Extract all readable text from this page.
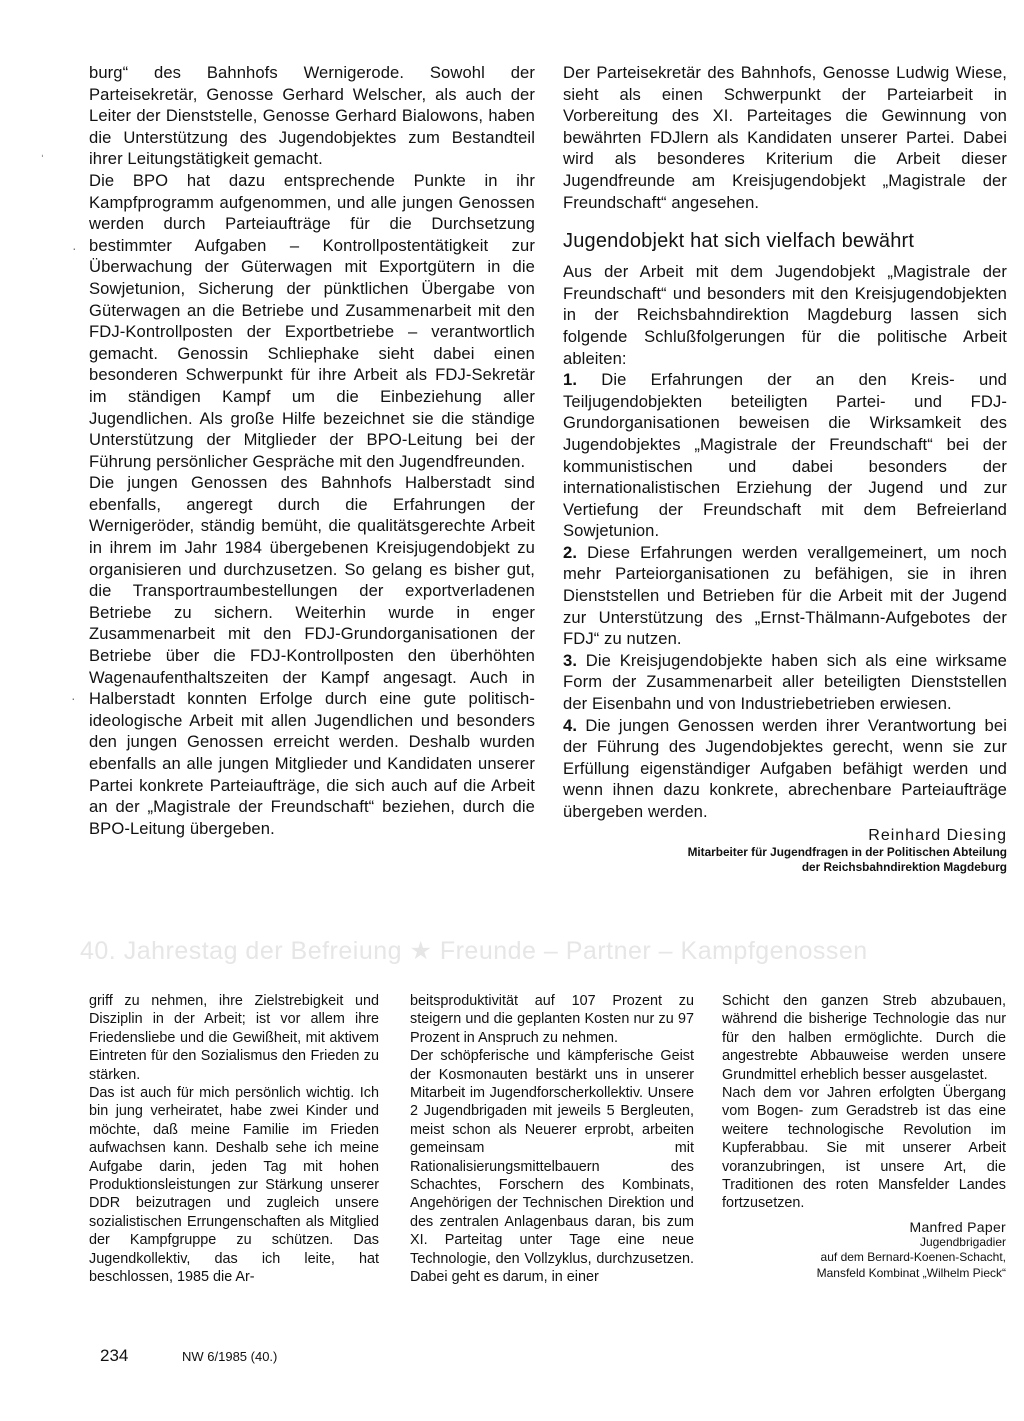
burg“ des Bahnhofs Wernigerode. Sowohl der Parteisekretär, Genosse Gerhard Welscher, als auch der Leiter der Dienststelle, Genosse Gerhard Bialowons, haben die Unterstützung des Jugendobjektes zum Bestandteil ihrer Leitungstätigkeit gemacht.

Die BPO hat dazu entsprechende Punkte in ihr Kampfprogramm aufgenommen, und alle jungen Genossen werden durch Parteiaufträge für die Durchsetzung bestimmter Aufgaben – Kontrollpostentätigkeit zur Überwachung der Güterwagen mit Exportgütern in die Sowjetunion, Sicherung der pünktlichen Übergabe von Güterwagen an die Betriebe und Zusammenarbeit mit den FDJ-Kontrollposten der Exportbetriebe – verantwortlich gemacht. Genossin Schliephake sieht dabei einen besonderen Schwerpunkt für ihre Arbeit als FDJ-Sekretär im ständigen Kampf um die Einbeziehung aller Jugendlichen. Als große Hilfe bezeichnet sie die ständige Unterstützung der Mitglieder der BPO-Leitung bei der Führung persönlicher Gespräche mit den Jugendfreunden.

Die jungen Genossen des Bahnhofs Halberstadt sind ebenfalls, angeregt durch die Erfahrungen der Wernigeröder, ständig bemüht, die qualitätsgerechte Arbeit in ihrem im Jahr 1984 übergebenen Kreisjugendobjekt zu organisieren und durchzusetzen. So gelang es bisher gut, die Transportraumbestellungen der exportverladenen Betriebe zu sichern. Weiterhin wurde in enger Zusammenarbeit mit den FDJ-Grundorganisationen der Betriebe über die FDJ-Kontrollposten den überhöhten Wagenaufenthaltszeiten der Kampf angesagt. Auch in Halberstadt konnten Erfolge durch eine gute politisch-ideologische Arbeit mit allen Jugendlichen und besonders den jungen Genossen erreicht werden. Deshalb wurden ebenfalls an alle jungen Mitglieder und Kandidaten unserer Partei konkrete Parteiaufträge, die sich auch auf die Arbeit an der „Magistrale der Freundschaft“ beziehen, durch die BPO-Leitung übergeben.

Der Parteisekretär des Bahnhofs, Genosse Ludwig Wiese, sieht als einen Schwerpunkt der Parteiarbeit in Vorbereitung des XI. Parteitages die Gewinnung von bewährten FDJlern als Kandidaten unserer Partei. Dabei wird als besonderes Kriterium die Arbeit dieser Jugendfreunde am Kreisjugendobjekt „Magistrale der Freundschaft“ angesehen.

Jugendobjekt hat sich vielfach bewährt

Aus der Arbeit mit dem Jugendobjekt „Magistrale der Freundschaft“ und besonders mit den Kreisjugendobjekten in der Reichsbahndirektion Magdeburg lassen sich folgende Schlußfolgerungen für die politische Arbeit ableiten:

1. Die Erfahrungen der an den Kreis- und Teiljugendobjekten beteiligten Partei- und FDJ-Grundorganisationen beweisen die Wirksamkeit des Jugendobjektes „Magistrale der Freundschaft“ bei der kommunistischen und dabei besonders der internationalistischen Erziehung der Jugend und zur Vertiefung der Freundschaft mit dem Befreierland Sowjetunion.

2. Diese Erfahrungen werden verallgemeinert, um noch mehr Parteiorganisationen zu befähigen, sie in ihren Dienststellen und Betrieben für die Arbeit mit der Jugend zur Unterstützung des „Ernst-Thälmann-Aufgebotes der FDJ“ zu nutzen.

3. Die Kreisjugendobjekte haben sich als eine wirksame Form der Zusammenarbeit aller beteiligten Dienststellen der Eisenbahn und von Industriebetrieben erwiesen.

4. Die jungen Genossen werden ihrer Verantwortung bei der Führung des Jugendobjektes gerecht, wenn sie zur Erfüllung eigenständiger Aufgaben befähigt werden und wenn ihnen dazu konkrete, abrechenbare Parteiaufträge übergeben werden.

Reinhard Diesing
Mitarbeiter für Jugendfragen in der Politischen Abteilung
der Reichsbahndirektion Magdeburg
40. Jahrestag der Befreiung ★ Freunde – Partner – Kampfgenossen

griff zu nehmen, ihre Zielstrebigkeit und Disziplin in der Arbeit; ist vor allem ihre Friedensliebe und die Gewißheit, mit aktivem Eintreten für den Sozialismus den Frieden zu stärken.

Das ist auch für mich persönlich wichtig. Ich bin jung verheiratet, habe zwei Kinder und möchte, daß meine Familie im Frieden aufwachsen kann. Deshalb sehe ich meine Aufgabe darin, jeden Tag mit hohen Produktionsleistungen zur Stärkung unserer DDR beizutragen und zugleich unsere sozialistischen Errungenschaften als Mitglied der Kampfgruppe zu schützen. Das Jugendkollektiv, das ich leite, hat beschlossen, 1985 die Ar-

beitsproduktivität auf 107 Prozent zu steigern und die geplanten Kosten nur zu 97 Prozent in Anspruch zu nehmen.

Der schöpferische und kämpferische Geist der Kosmonauten bestärkt uns in unserer Mitarbeit im Jugendforscherkollektiv. Unsere 2 Jugendbrigaden mit jeweils 5 Bergleuten, meist schon als Neuerer erprobt, arbeiten gemeinsam mit Rationalisierungsmittelbauern des Schachtes, Forschern des Kombinats, Angehörigen der Technischen Direktion und des zentralen Anlagenbaus daran, bis zum XI. Parteitag unter Tage eine neue Technologie, den Vollzyklus, durchzusetzen. Dabei geht es darum, in einer

Schicht den ganzen Streb abzubauen, während die bisherige Technologie das nur für den halben ermöglichte. Durch die angestrebte Abbauweise werden unsere Grundmittel erheblich besser ausgelastet.

Nach dem vor Jahren erfolgten Übergang vom Bogen- zum Geradstreb ist das eine weitere technologische Revolution im Kupferabbau. Sie mit unserer Arbeit voranzubringen, ist unsere Art, die Traditionen des roten Mansfelder Landes fortzusetzen.

Manfred Paper
Jugendbrigadier
auf dem Bernard-Koenen-Schacht,
Mansfeld Kombinat „Wilhelm Pieck“
234	NW 6/1985 (40.)
ˈ
·
·
